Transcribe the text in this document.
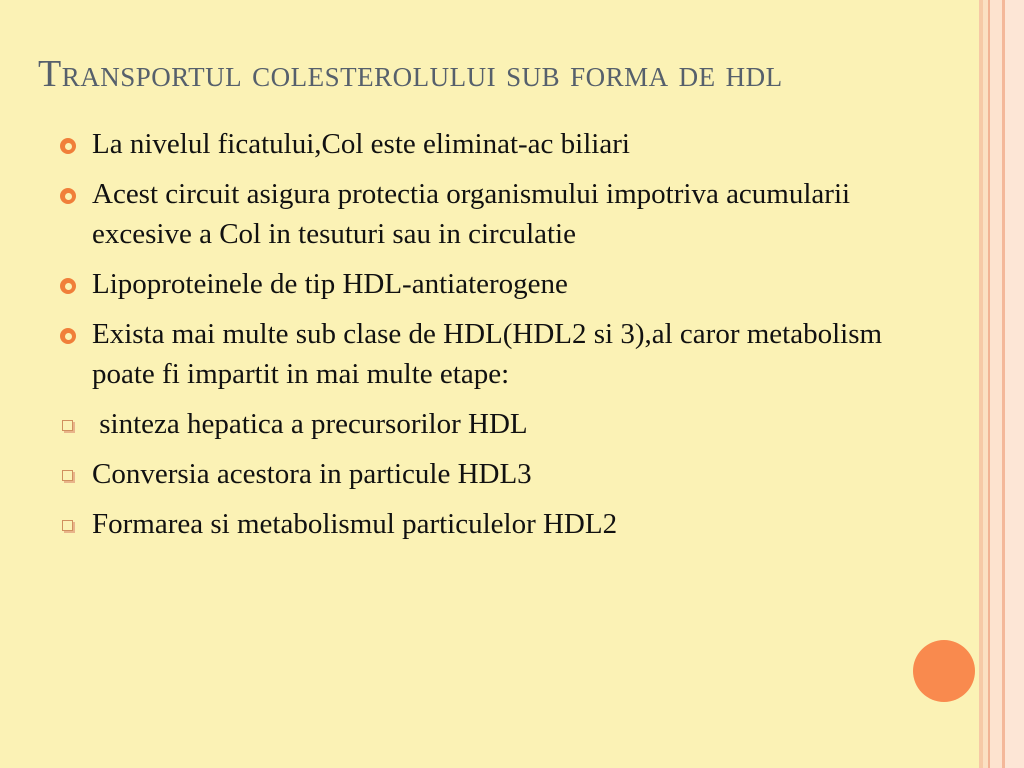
Transportul colesterolului sub forma de hdl
La nivelul ficatului,Col este eliminat-ac biliari
Acest circuit asigura protectia organismului impotriva acumularii excesive a Col in tesuturi sau in circulatie
Lipoproteinele de tip HDL-antiaterogene
Exista mai multe sub clase de HDL(HDL2 si 3),al caror metabolism poate fi impartit in mai multe etape:
sinteza hepatica a precursorilor HDL
Conversia acestora in particule HDL3
Formarea si metabolismul particulelor HDL2
